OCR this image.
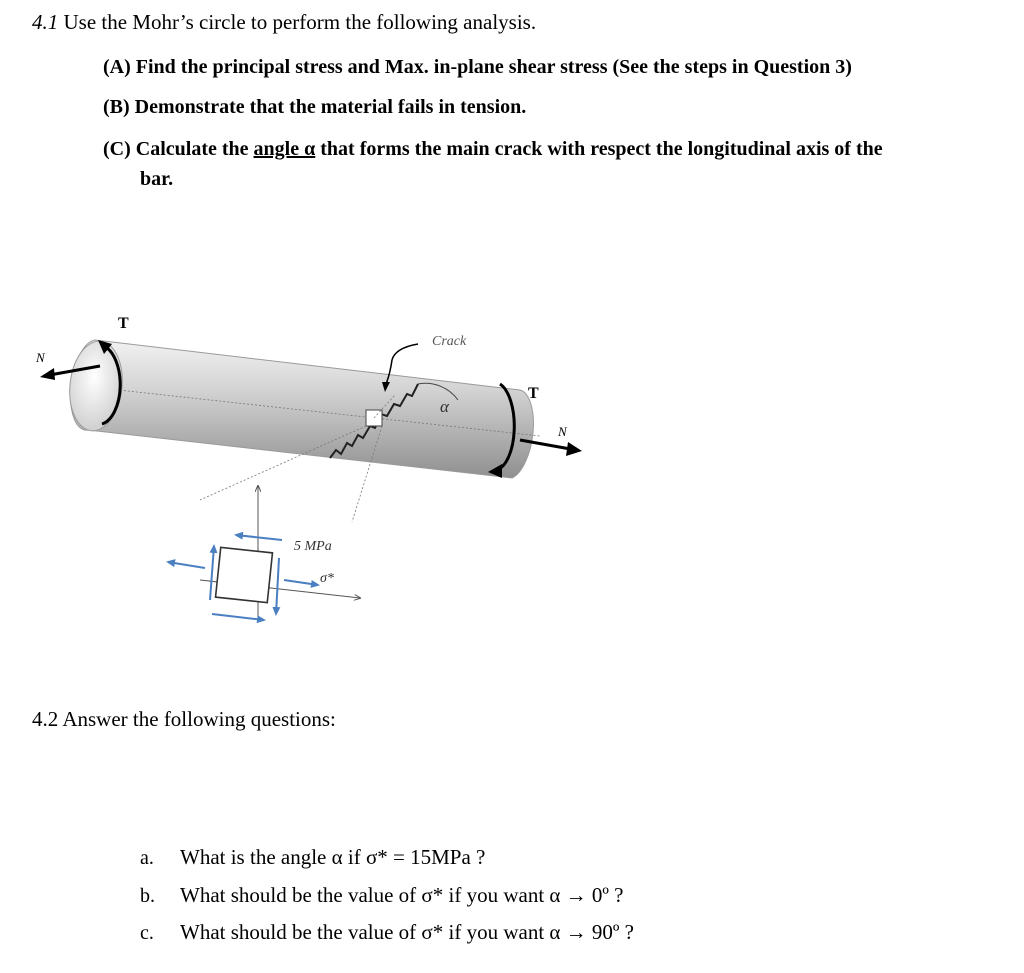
4.1 Use the Mohr’s circle to perform the following analysis.
(A) Find the principal stress and Max. in-plane shear stress (See the steps in Question 3)
(B) Demonstrate that the material fails in tension.
(C) Calculate the angle α that forms the main crack with respect the longitudinal axis of the
bar.
T
N
Crack
α
T
N
5 MPa
σ*
4.2 Answer the following questions:
a. What is the angle α if σ* = 15MPa ?
b. What should be the value of σ* if you want α → 0º ?
c. What should be the value of σ* if you want α → 90º ?
